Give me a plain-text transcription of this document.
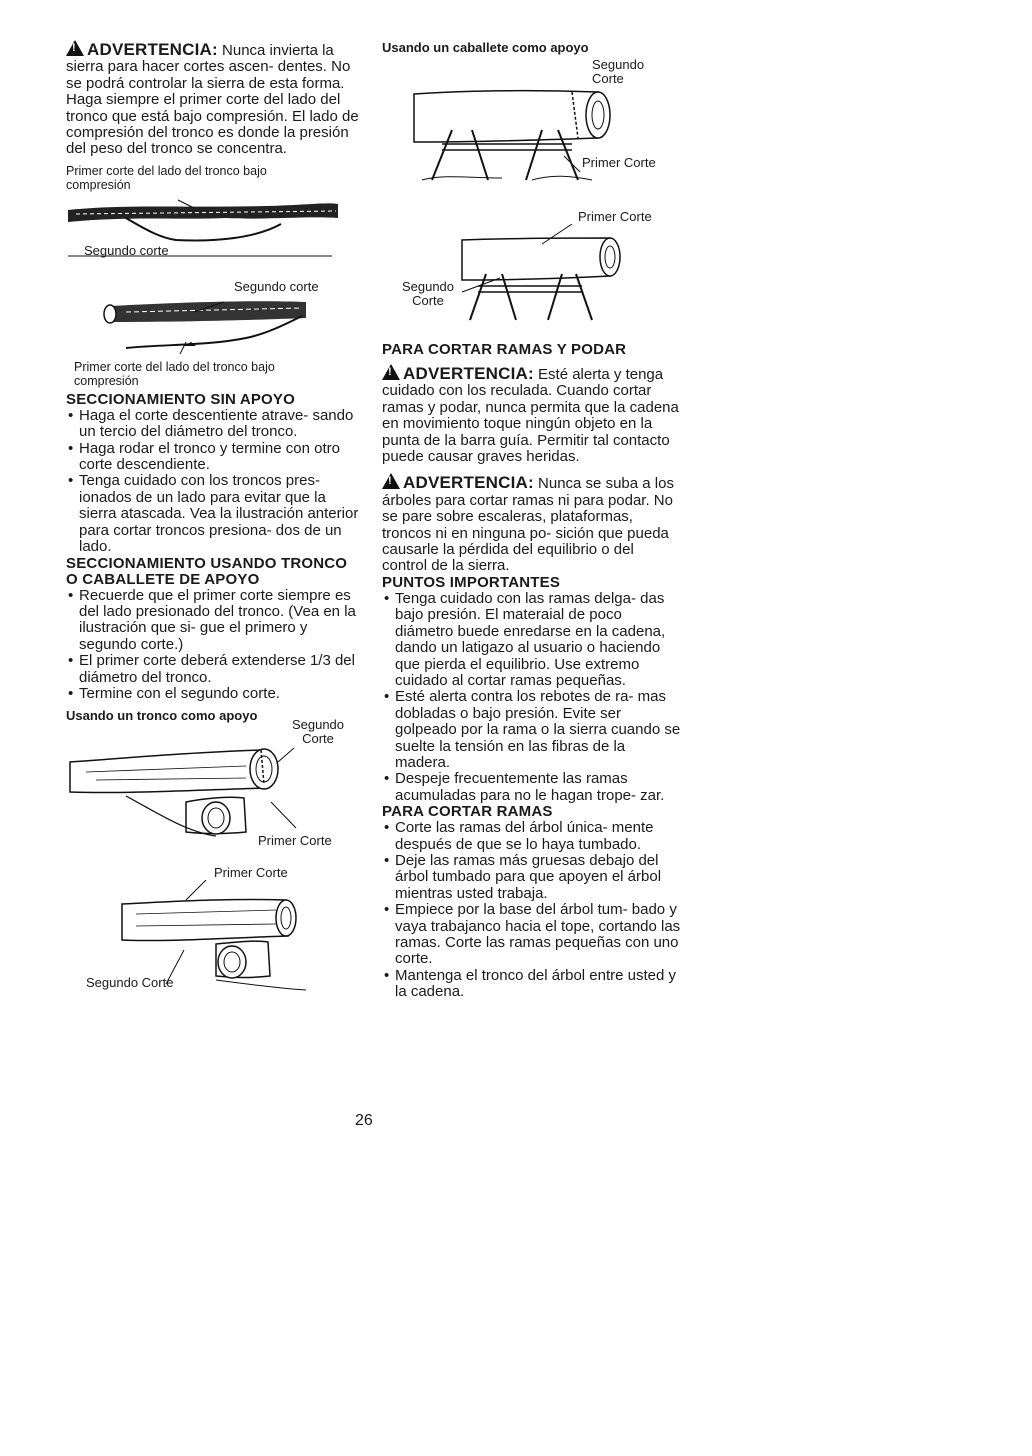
!ADVERTENCIA: Nunca invierta la sierra para hacer cortes ascen- dentes. No se podrá controlar la sierra de esta forma.

Haga siempre el primer corte del lado del tronco que está bajo compresión. El lado de compresión del tronco es donde la presión del peso del tronco se concentra.

Primer corte del lado del tronco bajo compresión

Segundo corte
Segundo corte

Primer corte del lado del tronco bajo compresión

SECCIONAMIENTO SIN APOYO

• Haga el corte descentiente atrave- sando un tercio del diámetro del tronco.
• Haga rodar el tronco y termine con otro corte descendiente.
• Tenga cuidado con los troncos pres- ionados de un lado para evitar que la sierra atascada. Vea la ilustración anterior para cortar troncos presiona- dos de un lado.

SECCIONAMIENTO USANDO TRONCO O CABALLETE DE APOYO

• Recuerde que el primer corte siempre es del lado presionado del tronco. (Vea en la ilustración que si- gue el primero y segundo corte.)
• El primer corte deberá extenderse 1/3 del diámetro del tronco.
• Termine con el segundo corte.

Usando un tronco como apoyo

Segundo Corte
Primer Corte
Primer Corte
Segundo Corte

Usando un caballete como apoyo

Segundo Corte
Primer Corte
Primer Corte
Segundo Corte

PARA CORTAR RAMAS Y PODAR

!ADVERTENCIA: Esté alerta y tenga cuidado con los reculada. Cuando cortar ramas y podar, nunca permita que la cadena en movimiento toque ningún objeto en la punta de la barra guía. Permitir tal contacto puede causar graves heridas.

!ADVERTENCIA: Nunca se suba a los árboles para cortar ramas ni para podar. No se pare sobre escaleras, plataformas, troncos ni en ninguna po- sición que pueda causarle la pérdida del equilibrio o del control de la sierra.

PUNTOS IMPORTANTES

• Tenga cuidado con las ramas delga- das bajo presión. El materaial de poco diámetro buede enredarse en la cadena, dando un latigazo al usuario o haciendo que pierda el equilibrio. Use extremo cuidado al cortar ramas pequeñas.
• Esté alerta contra los rebotes de ra- mas dobladas o bajo presión. Evite ser golpeado por la rama o la sierra cuando se suelte la tensión en las fibras de la madera.
• Despeje frecuentemente las ramas acumuladas para no le hagan trope- zar.

PARA CORTAR RAMAS

• Corte las ramas del árbol única- mente después de que se lo haya tumbado.
• Deje las ramas más gruesas debajo del árbol tumbado para que apoyen el árbol mientras usted trabaja.
• Empiece por la base del árbol tum- bado y vaya trabajanco hacia el tope, cortando las ramas. Corte las ramas pequeñas con uno corte.
• Mantenga el tronco del árbol entre usted y la cadena.
26
